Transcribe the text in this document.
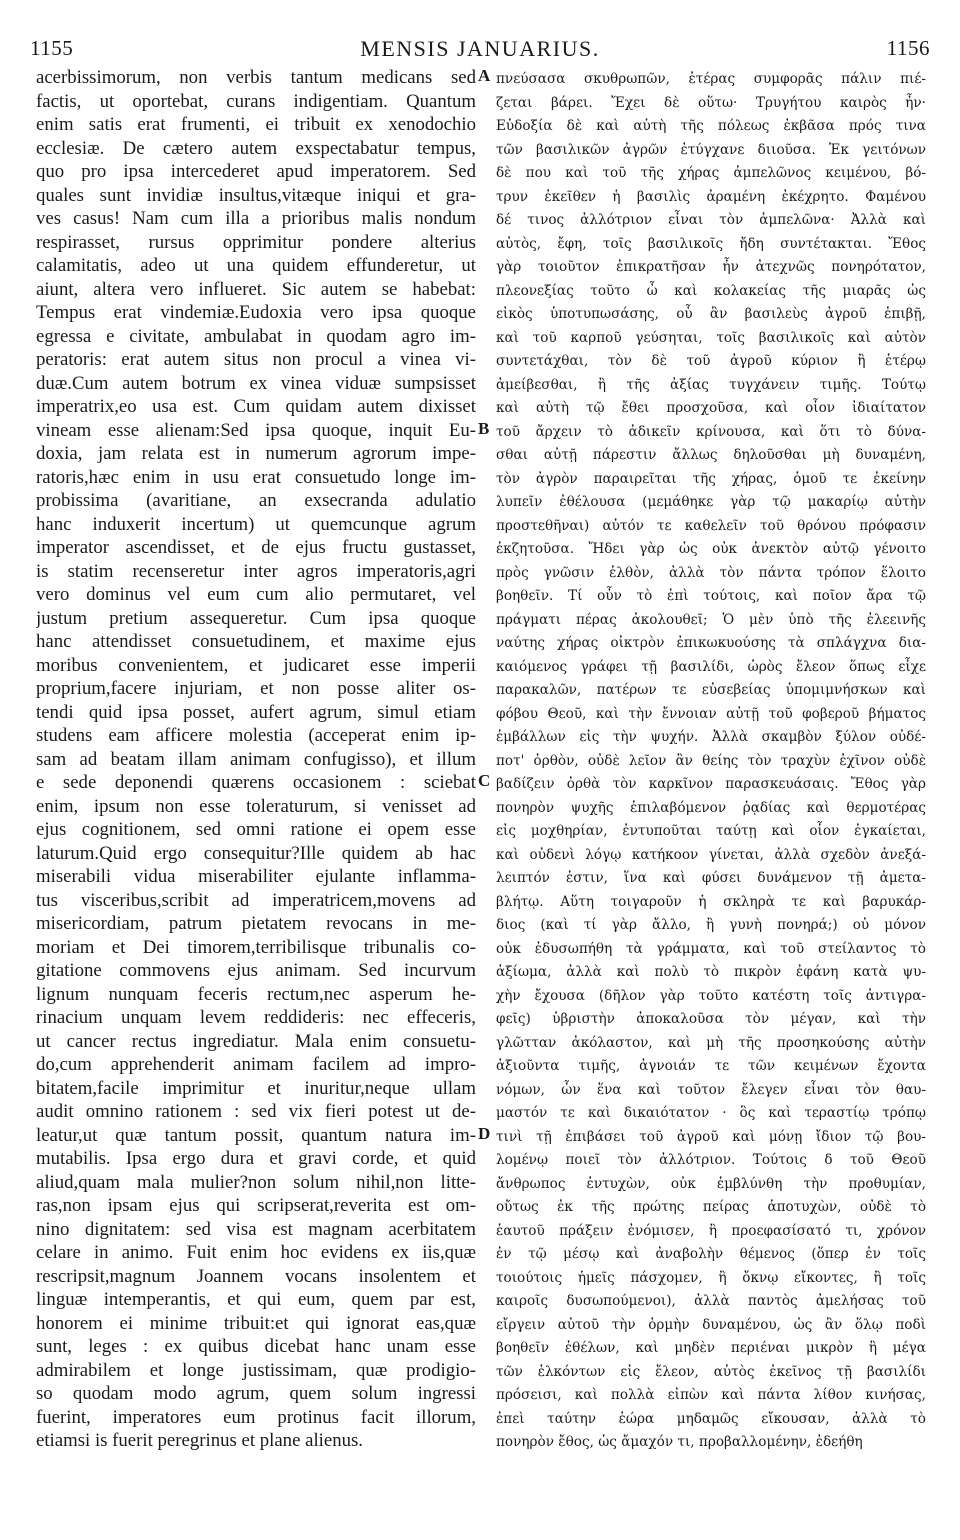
1155	MENSIS JANUARIUS.	1156
acerbissimorum, non verbis tantum medicans sed
factis, ut oportebat, curans indigentiam. Quantum
enim satis erat frumenti, ei tribuit ex xenodochio
ecclesiæ. De cætero autem exspectabatur tempus,
quo pro ipsa intercederet apud imperatorem. Sed
quales sunt invidiæ insultus,vitæque iniqui et gra-
ves casus! Nam cum illa a prioribus malis nondum
respirasset, rursus opprimitur pondere alterius
calamitatis, adeo ut una quidem effunderetur, ut
aiunt, altera vero influeret. Sic autem se habebat:
Tempus erat vindemiæ.Eudoxia vero ipsa quoque
egressa e civitate, ambulabat in quodam agro im-
peratoris: erat autem situs non procul a vinea vi-
duæ.Cum autem botrum ex vinea viduæ sumpsisset
imperatrix,eo usa est. Cum quidam autem dixisset
vineam esse alienam:Sed ipsa quoque, inquit Eu-
doxia, jam relata est in numerum agrorum impe-
ratoris,hæc enim in usu erat consuetudo longe im-
probissima (avaritiane, an exsecranda adulatio
hanc induxerit incertum) ut quemcunque agrum
imperator ascendisset, et de ejus fructu gustasset,
is statim recenseretur inter agros imperatoris,agri
vero dominus vel eum cum alio permutaret, vel
justum pretium assequeretur. Cum ipsa quoque
hanc attendisset consuetudinem, et maxime ejus
moribus convenientem, et judicaret esse imperii
proprium,facere injuriam, et non posse aliter os-
tendi quid ipsa posset, aufert agrum, simul etiam
studens eam afficere molestia (acceperat enim ip-
sam ad beatam illam animam confugisso), et illum
e sede deponendi quærens occasionem : sciebat
enim, ipsum non esse toleraturum, si venisset ad
ejus cognitionem, sed omni ratione ei opem esse
laturum.Quid ergo consequitur?Ille quidem ab hac
miserabili vidua miserabiliter ejulante inflamma-
tus visceribus,scribit ad imperatricem,movens ad
misericordiam, patrum pietatem revocans in me-
moriam et Dei timorem,terribilisque tribunalis co-
gitatione commovens ejus animam. Sed incurvum
lignum nunquam feceris rectum,nec asperum he-
rinacium unquam levem reddideris: nec effeceris,
ut cancer rectus ingrediatur. Mala enim consuetu-
do,cum apprehenderit animam facilem ad impro-
bitatem,facile imprimitur et inuritur,neque ullam
audit omnino rationem : sed vix fieri potest ut de-
leatur,ut quæ tantum possit, quantum natura im-
mutabilis. Ipsa ergo dura et gravi corde, et quid
aliud,quam mala mulier?non solum nihil,non litte-
ras,non ipsam ejus qui scripserat,reverita est om-
nino dignitatem: sed visa est magnam acerbitatem
celare in animo. Fuit enim hoc evidens ex iis,quæ
rescripsit,magnum Joannem vocans insolentem et
linguæ intemperantis, et qui eum, quem par est,
honorem ei minime tribuit:et qui ignorat eas,quæ
sunt, leges : ex quibus dicebat hanc unam esse
admirabilem et longe justissimam, quæ prodigio-
so quodam modo agrum, quem solum ingressi
fuerint, imperatores eum protinus facit illorum,
etiamsi is fuerit peregrinus et plane alienus.
πνεύσασα σκυθρωπῶν, ἑτέρας συμφορᾶς πάλιν πιέ-
ζεται βάρει. Ἔχει δὲ οὕτω· Τρυγήτου καιρὸς ἦν·
Εὐδοξία δὲ καὶ αὐτὴ τῆς πόλεως ἐκβᾶσα πρός τινα
τῶν βασιλικῶν ἀγρῶν ἐτύγχανε διιοῦσα. Ἐκ γειτόνων
δὲ που καὶ τοῦ τῆς χήρας ἀμπελῶνος κειμένου, βό-
τρυν ἐκεῖθεν ἡ βασιλὶς ἀραμένη ἐκέχρητο. Φαμένου
δέ τινος ἀλλότριον εἶναι τὸν ἀμπελῶνα· Ἀλλὰ καὶ
αὐτὸς, ἔφη, τοῖς βασιλικοῖς ἤδη συντέτακται. Ἔθος
γὰρ τοιοῦτον ἐπικρατῆσαν ἦν ἀτεχνῶς πονηρότατον,
πλεονεξίας τοῦτο ὦ καὶ κολακείας τῆς μιαρᾶς ὡς
εἰκὸς ὑποτυπωσάσης, οὗ ἂν βασιλεὺς ἀγροῦ ἐπιβῇ,
καὶ τοῦ καρποῦ γεύσηται, τοῖς βασιλικοῖς καὶ αὐτὸν
συντετάχθαι, τὸν δὲ τοῦ ἀγροῦ κύριον ἢ ἑτέρῳ
ἀμείβεσθαι, ἢ τῆς ἀξίας τυγχάνειν τιμῆς. Τούτῳ
καὶ αὐτὴ τῷ ἔθει προσχοῦσα, καὶ οἷον ἰδιαίτατον
τοῦ ἄρχειν τὸ ἀδικεῖν κρίνουσα, καὶ ὅτι τὸ δύνα-
σθαι αὐτῇ πάρεστιν ἄλλως δηλοῦσθαι μὴ δυναμένη,
τὸν ἀγρὸν παραιρεῖται τῆς χήρας, ὁμοῦ τε ἐκείνην
λυπεῖν ἐθέλουσα (μεμάθηκε γὰρ τῷ μακαρίῳ αὐτὴν
προστεθῆναι) αὐτόν τε καθελεῖν τοῦ θρόνου πρόφασιν
ἐκζητοῦσα. Ἤδει γὰρ ὡς οὐκ ἀνεκτὸν αὐτῷ γένοιτο
πρὸς γνῶσιν ἐλθὸν, ἀλλὰ τὸν πάντα τρόπον ἕλοιτο
βοηθεῖν. Τί οὖν τὸ ἐπὶ τούτοις, καὶ ποῖον ἄρα τῷ
πράγματι πέρας ἀκολουθεῖ; Ὁ μὲν ὑπὸ τῆς ἐλεεινῆς
ναύτης χήρας οἰκτρὸν ἐπικωκυούσης τὰ σπλάγχνα δια-
καιόμενος γράφει τῇ βασιλίδι, ὡρὸς ἔλεον ὅπως εἶχε
παρακαλῶν, πατέρων τε εὐσεβείας ὑπομιμνήσκων καὶ
φόβου Θεοῦ, καὶ τὴν ἔννοιαν αὐτῇ τοῦ φοβεροῦ βήματος
ἐμβάλλων εἰς τὴν ψυχήν. Ἀλλὰ σκαμβὸν ξύλον οὐδέ-
ποτ' ὀρθὸν, οὐδὲ λεῖον ἂν θείης τὸν τραχὺν ἐχῖνον οὐδὲ
βαδίζειν ὀρθὰ τὸν καρκῖνον παρασκευάσαις. Ἔθος γὰρ
πονηρὸν ψυχῆς ἐπιλαβόμενον ῥᾳδίας καὶ θερμοτέρας
εἰς μοχθηρίαν, ἐντυποῦται ταύτῃ καὶ οἷον ἐγκαίεται,
καὶ οὐδενὶ λόγῳ κατήκοον γίνεται, ἀλλὰ σχεδὸν ἀνεξά-
λειπτόν ἐστιν, ἵνα καὶ φύσει δυνάμενον τῇ ἀμετα-
βλήτῳ. Αὕτη τοιγαροῦν ἡ σκληρὰ τε καὶ βαρυκάρ-
διος (καὶ τί γὰρ ἄλλο, ἢ γυνὴ πονηρά;) οὐ μόνον
οὐκ ἐδυσωπήθη τὰ γράμματα, καὶ τοῦ στείλαντος τὸ
ἀξίωμα, ἀλλὰ καὶ πολὺ τὸ πικρὸν ἐφάνη κατὰ ψυ-
χὴν ἔχουσα (δῆλον γὰρ τοῦτο κατέστη τοῖς ἀντιγρα-
φεῖς) ὑβριστὴν ἀποκαλοῦσα τὸν μέγαν, καὶ τὴν
γλῶτταν ἀκόλαστον, καὶ μὴ τῆς προσηκούσης αὐτὴν
ἀξιοῦντα τιμῆς, ἀγνοιάν τε τῶν κειμένων ἔχοντα
νόμων, ὧν ἕνα καὶ τοῦτον ἔλεγεν εἶναι τὸν θαυ-
μαστόν τε καὶ δικαιότατον · ὃς καὶ τεραστίῳ τρόπῳ
τινὶ τῇ ἐπιβάσει τοῦ ἀγροῦ καὶ μόνῃ ἴδιον τῷ βου-
λομένῳ ποιεῖ τὸν ἀλλότριον. Τούτοις δ τοῦ Θεοῦ
ἄνθρωπος ἐντυχὼν, οὐκ ἐμβλύνθη τὴν προθυμίαν,
οὔτως ἐκ τῆς πρώτης πείρας ἀποτυχὼν, οὐδὲ τὸ
ἑαυτοῦ πράξειν ἐνόμισεν, ἢ προεφασίσατό τι, χρόνον
ἐν τῷ μέσῳ καὶ ἀναβολὴν θέμενος (ὅπερ ἐν τοῖς
τοιούτοις ἡμεῖς πάσχομεν, ἢ ὄκνῳ εἴκοντες, ἢ τοῖς
καιροῖς δυσωπούμενοι), ἀλλὰ παντὸς ἀμελήσας τοῦ
εἴργειν αὐτοῦ τὴν ὁρμὴν δυναμένου, ὡς ἂν ὅλῳ ποδὶ
βοηθεῖν ἐθέλων, καὶ μηδὲν περιέναι μικρὸν ἢ μέγα
τῶν ἑλκόντων εἰς ἔλεον, αὐτὸς ἐκεῖνος τῇ βασιλίδι
πρόσεισι, καὶ πολλὰ εἰπὼν καὶ πάντα λίθον κινήσας,
ἐπεὶ ταύτην ἑώρα μηδαμῶς εἴκουσαν, ἀλλὰ τὸ
πονηρὸν ἔθος, ὡς ἄμαχόν τι, προβαλλομένην, ἐδεήθη
A
B
C
D
